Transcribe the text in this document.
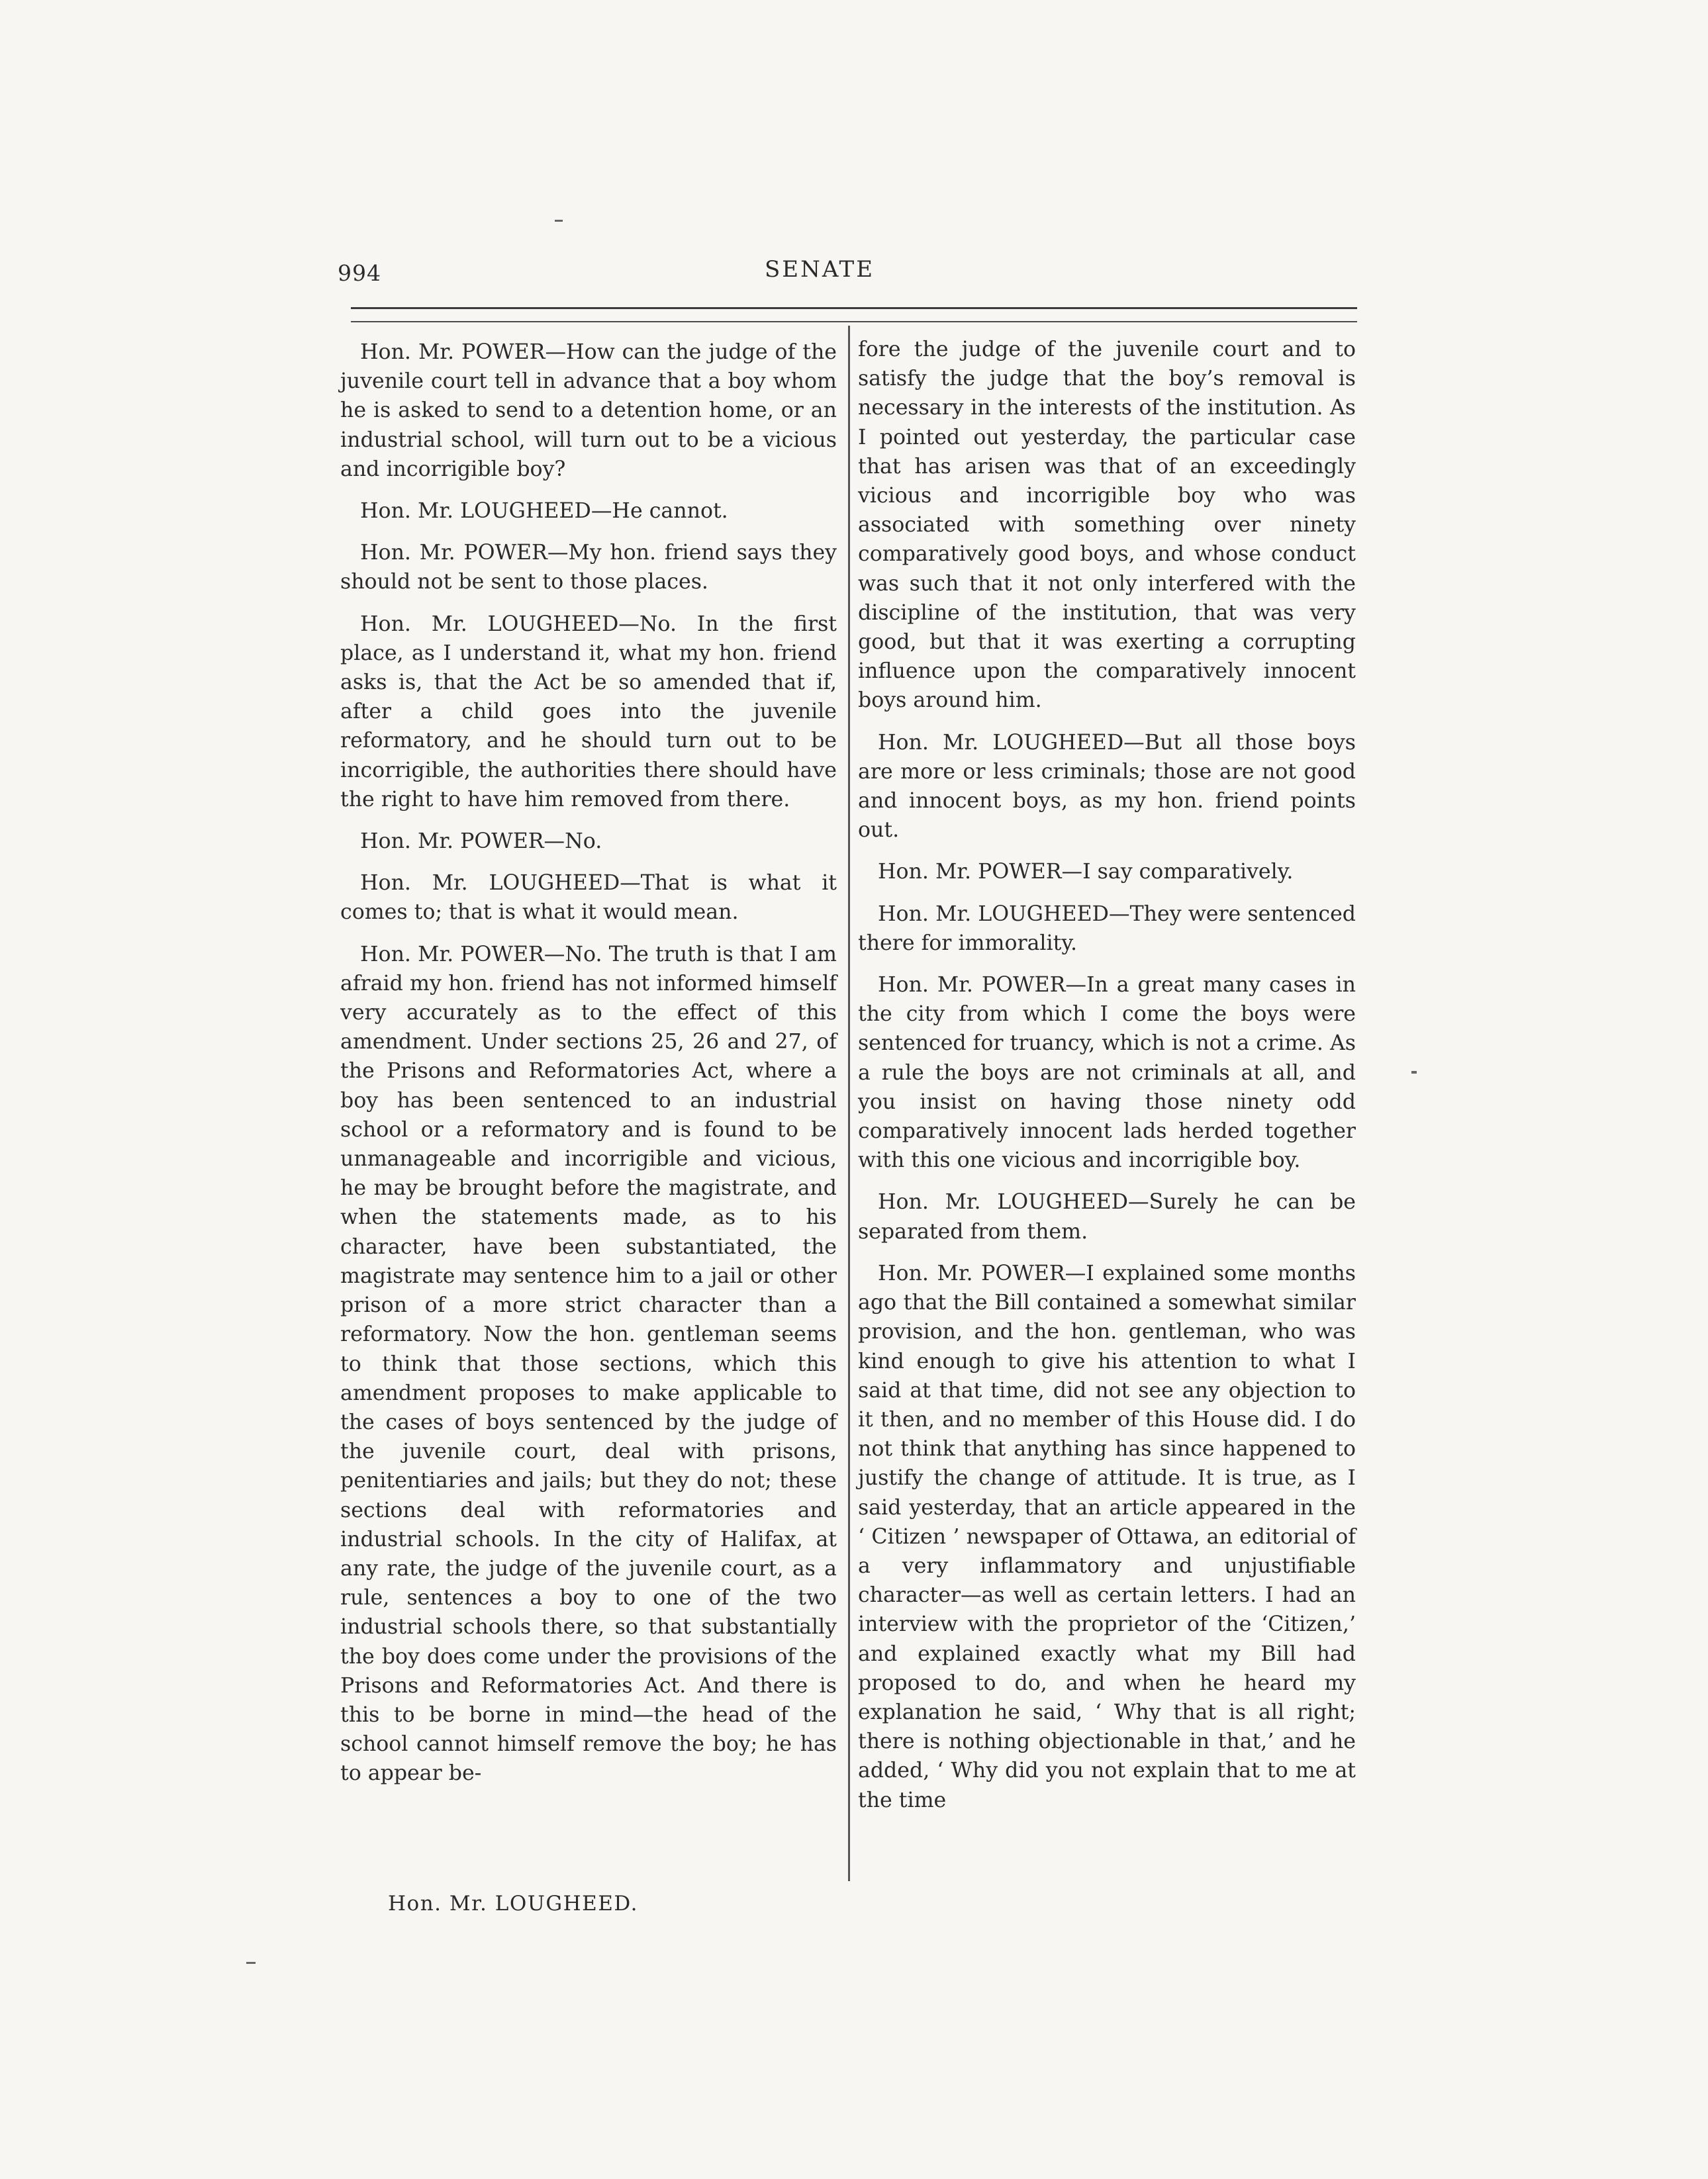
994	SENATE

Hon. Mr. POWER—How can the judge of the juvenile court tell in advance that a boy whom he is asked to send to a detention home, or an industrial school, will turn out to be a vicious and incorrigible boy?

Hon. Mr. LOUGHEED—He cannot.

Hon. Mr. POWER—My hon. friend says they should not be sent to those places.

Hon. Mr. LOUGHEED—No. In the first place, as I understand it, what my hon. friend asks is, that the Act be so amended that if, after a child goes into the juvenile reformatory, and he should turn out to be incorrigible, the authorities there should have the right to have him removed from there.

Hon. Mr. POWER—No.

Hon. Mr. LOUGHEED—That is what it comes to; that is what it would mean.

Hon. Mr. POWER—No. The truth is that I am afraid my hon. friend has not informed himself very accurately as to the effect of this amendment. Under sections 25, 26 and 27, of the Prisons and Reformatories Act, where a boy has been sentenced to an industrial school or a reformatory and is found to be unmanageable and incorrigible and vicious, he may be brought before the magistrate, and when the statements made, as to his character, have been substantiated, the magistrate may sentence him to a jail or other prison of a more strict character than a reformatory. Now the hon. gentleman seems to think that those sections, which this amendment proposes to make applicable to the cases of boys sentenced by the judge of the juvenile court, deal with prisons, penitentiaries and jails; but they do not; these sections deal with reformatories and industrial schools. In the city of Halifax, at any rate, the judge of the juvenile court, as a rule, sentences a boy to one of the two industrial schools there, so that substantially the boy does come under the provisions of the Prisons and Reformatories Act. And there is this to be borne in mind—the head of the school cannot himself remove the boy; he has to appear be-

fore the judge of the juvenile court and to satisfy the judge that the boy’s removal is necessary in the interests of the institution. As I pointed out yesterday, the particular case that has arisen was that of an exceedingly vicious and incorrigible boy who was associated with something over ninety comparatively good boys, and whose conduct was such that it not only interfered with the discipline of the institution, that was very good, but that it was exerting a corrupting influence upon the comparatively innocent boys around him.

Hon. Mr. LOUGHEED—But all those boys are more or less criminals; those are not good and innocent boys, as my hon. friend points out.

Hon. Mr. POWER—I say comparatively.

Hon. Mr. LOUGHEED—They were sentenced there for immorality.

Hon. Mr. POWER—In a great many cases in the city from which I come the boys were sentenced for truancy, which is not a crime. As a rule the boys are not criminals at all, and you insist on having those ninety odd comparatively innocent lads herded together with this one vicious and incorrigible boy.

Hon. Mr. LOUGHEED—Surely he can be separated from them.

Hon. Mr. POWER—I explained some months ago that the Bill contained a somewhat similar provision, and the hon. gentleman, who was kind enough to give his attention to what I said at that time, did not see any objection to it then, and no member of this House did. I do not think that anything has since happened to justify the change of attitude. It is true, as I said yesterday, that an article appeared in the ‘ Citizen ’ newspaper of Ottawa, an editorial of a very inflammatory and unjustifiable character—as well as certain letters. I had an interview with the proprietor of the ‘Citizen,’ and explained exactly what my Bill had proposed to do, and when he heard my explanation he said, ‘ Why that is all right; there is nothing objectionable in that,’ and he added, ‘ Why did you not explain that to me at the time

Hon. Mr. LOUGHEED.
